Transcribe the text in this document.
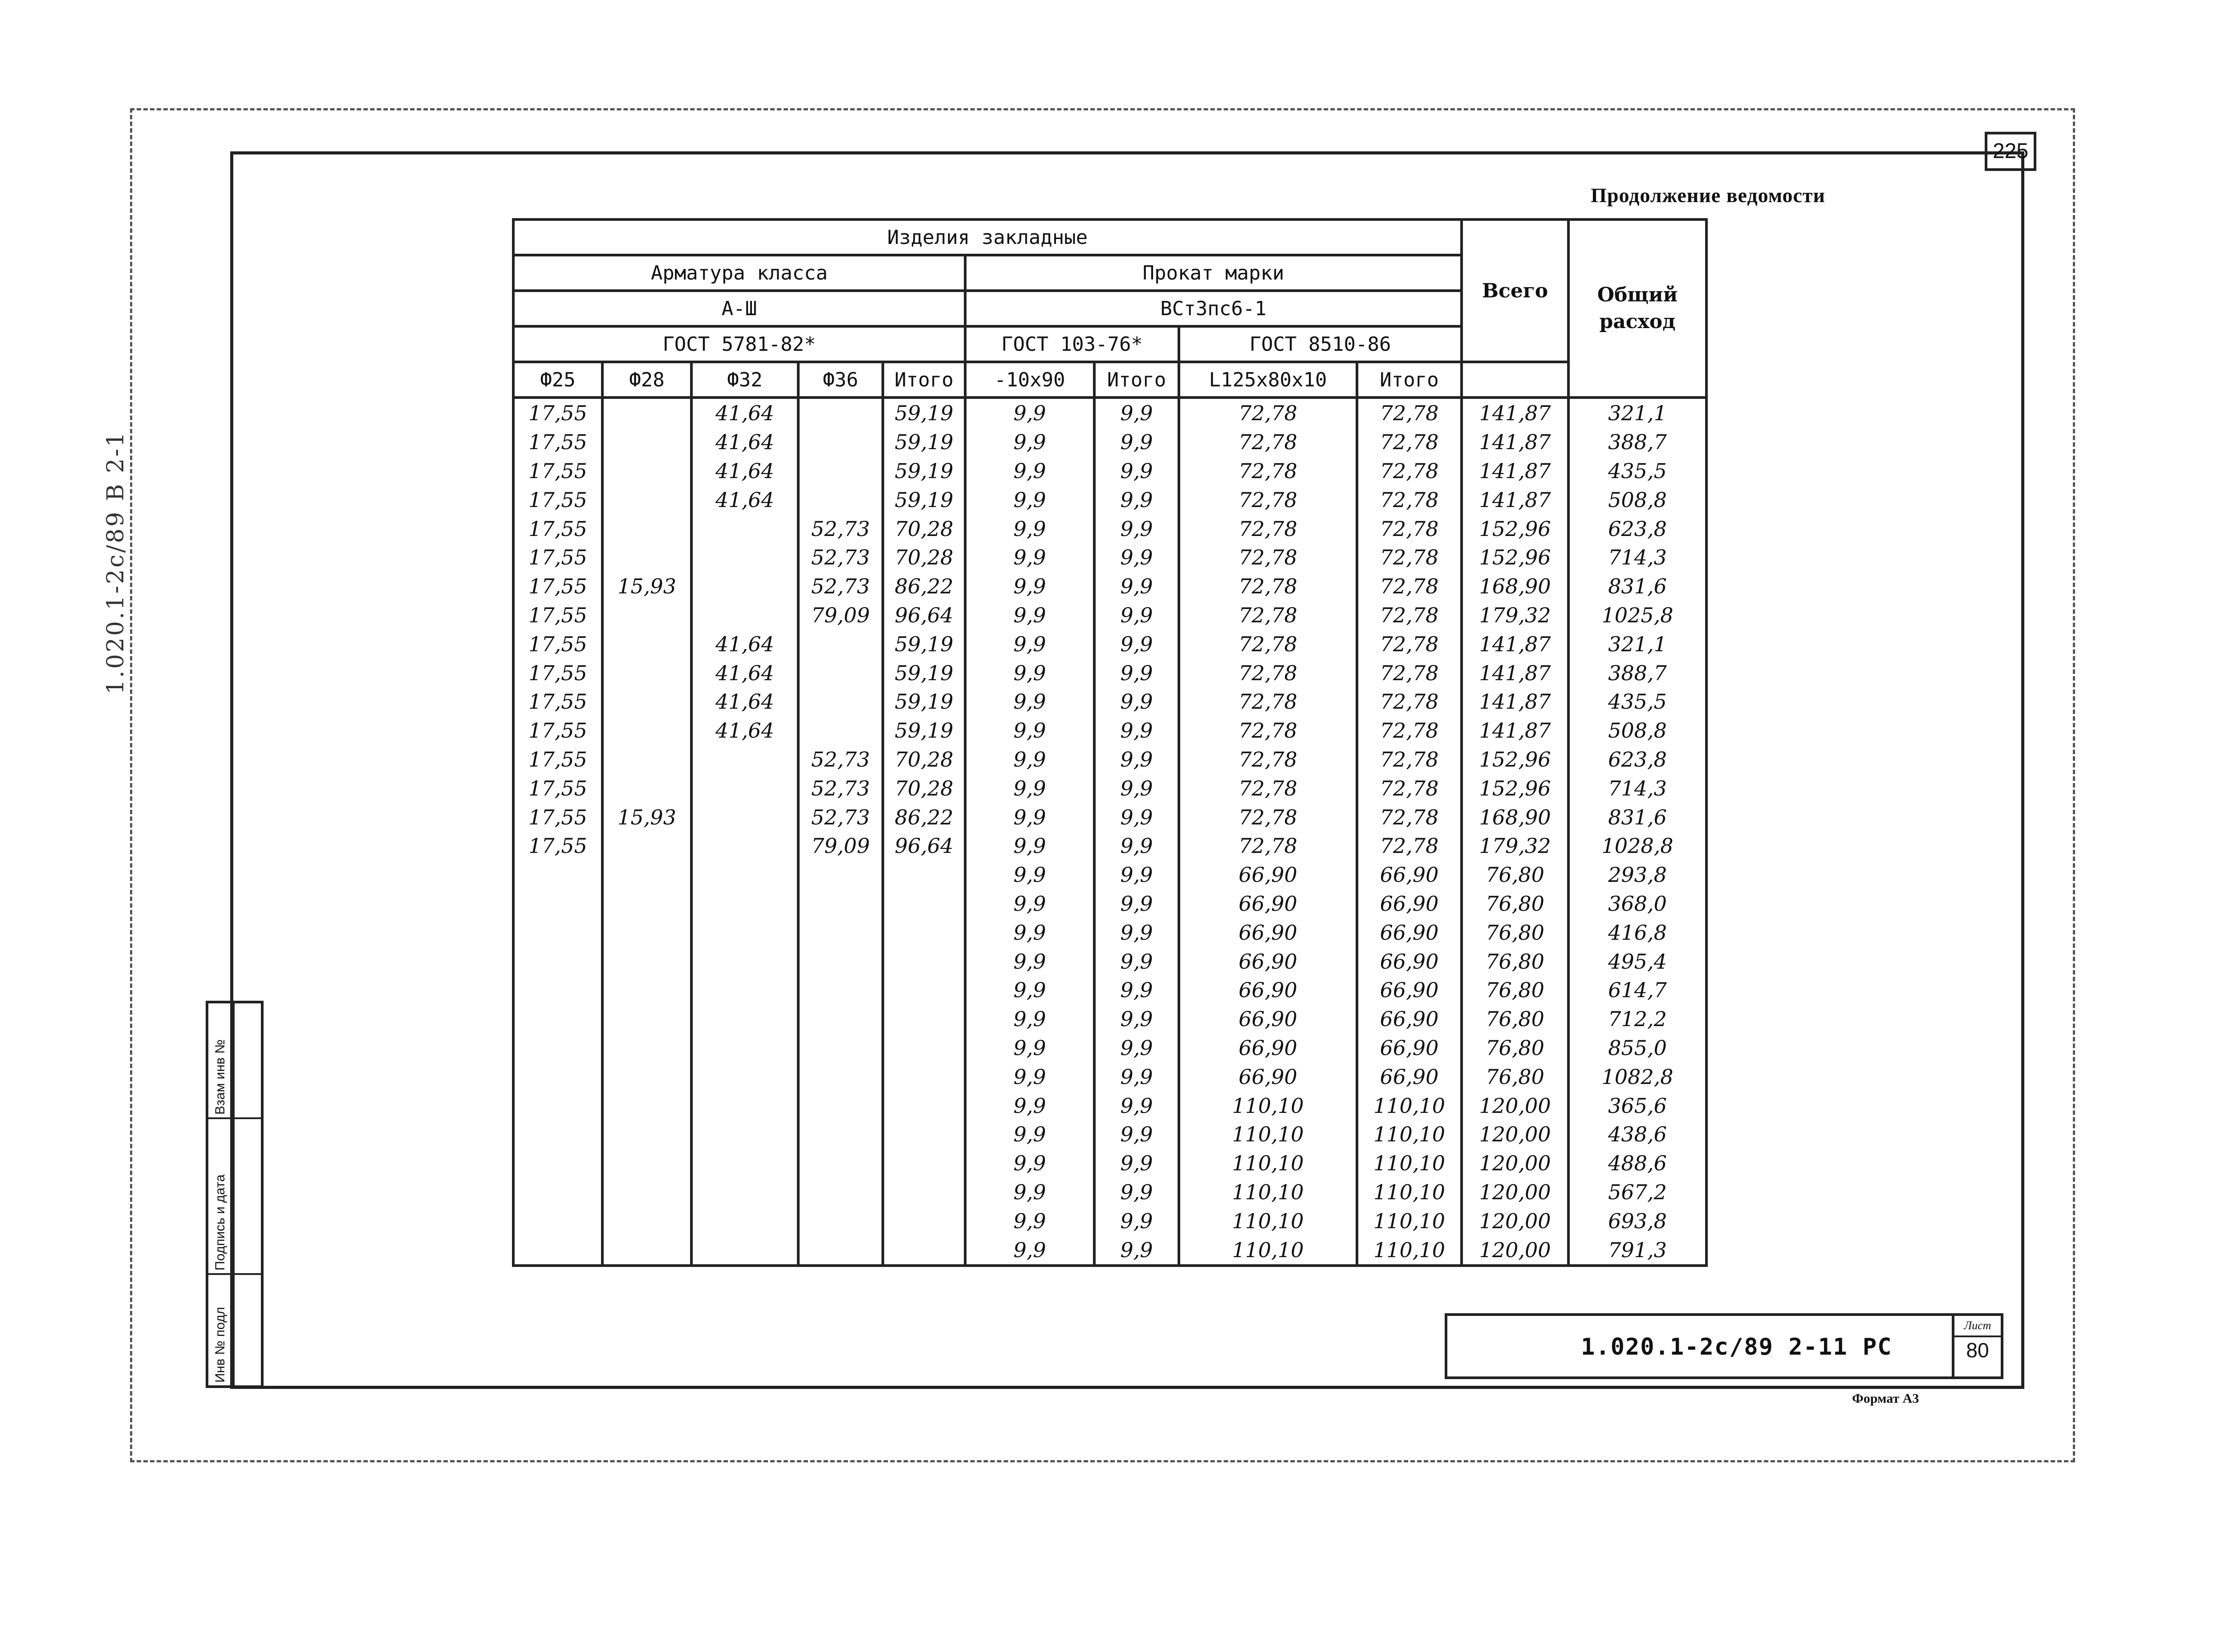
225
Продолжение ведомости
1.020.1-2с/89 В 2-1
Взам инв №
Подпись и дата
Инв № подл
Изделия закладные									Всего	Общий
расход
Арматура класса					Прокат марки					
А-Ш					ВСт3пс6-1					
ГОСТ 5781-82*					ГОСТ 103-76*		ГОСТ 8510-86			
Ф25	Ф28	Ф32	Ф36	Итого	-10х90	Итого	L125x80x10	Итого		
17,55		41,64		59,19	9,9	9,9	72,78	72,78	141,87	321,1
17,55		41,64		59,19	9,9	9,9	72,78	72,78	141,87	388,7
17,55		41,64		59,19	9,9	9,9	72,78	72,78	141,87	435,5
17,55		41,64		59,19	9,9	9,9	72,78	72,78	141,87	508,8
17,55			52,73	70,28	9,9	9,9	72,78	72,78	152,96	623,8
17,55			52,73	70,28	9,9	9,9	72,78	72,78	152,96	714,3
17,55	15,93		52,73	86,22	9,9	9,9	72,78	72,78	168,90	831,6
17,55			79,09	96,64	9,9	9,9	72,78	72,78	179,32	1025,8
17,55		41,64		59,19	9,9	9,9	72,78	72,78	141,87	321,1
17,55		41,64		59,19	9,9	9,9	72,78	72,78	141,87	388,7
17,55		41,64		59,19	9,9	9,9	72,78	72,78	141,87	435,5
17,55		41,64		59,19	9,9	9,9	72,78	72,78	141,87	508,8
17,55			52,73	70,28	9,9	9,9	72,78	72,78	152,96	623,8
17,55			52,73	70,28	9,9	9,9	72,78	72,78	152,96	714,3
17,55	15,93		52,73	86,22	9,9	9,9	72,78	72,78	168,90	831,6
17,55			79,09	96,64	9,9	9,9	72,78	72,78	179,32	1028,8
					9,9	9,9	66,90	66,90	76,80	293,8
					9,9	9,9	66,90	66,90	76,80	368,0
					9,9	9,9	66,90	66,90	76,80	416,8
					9,9	9,9	66,90	66,90	76,80	495,4
					9,9	9,9	66,90	66,90	76,80	614,7
					9,9	9,9	66,90	66,90	76,80	712,2
					9,9	9,9	66,90	66,90	76,80	855,0
					9,9	9,9	66,90	66,90	76,80	1082,8
					9,9	9,9	110,10	110,10	120,00	365,6
					9,9	9,9	110,10	110,10	120,00	438,6
					9,9	9,9	110,10	110,10	120,00	488,6
					9,9	9,9	110,10	110,10	120,00	567,2
					9,9	9,9	110,10	110,10	120,00	693,8
					9,9	9,9	110,10	110,10	120,00	791,3
1.020.1-2с/89 2-11 РС
Лист
80
Формат А3
